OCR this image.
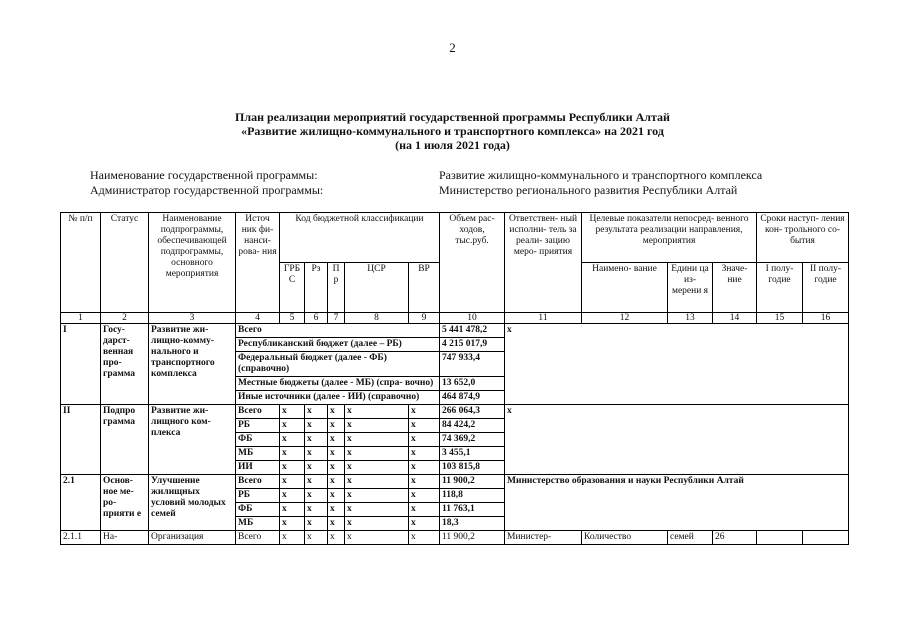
2
План реализации мероприятий государственной программы Республики Алтай
«Развитие жилищно-коммунального и транспортного комплекса» на 2021 год
(на 1 июля 2021 года)
Наименование государственной программы:	Развитие жилищно-коммунального и транспортного комплекса
Администратор государственной программы:	Министерство регионального развития Республики Алтай
№ п/п	Статус	Наименование подпрограммы, обеспечивающей подпрограммы, основного мероприятия	Источ ник фи- нанси- рова- ния	Код бюджетной классификации					Объем рас- ходов, тыс.руб.	Ответствен- ный исполни- тель за реали- зацию меро- приятия	Целевые показатели непосред- венного результата реализации направления, мероприятия			Сроки наступ- ления кон- трольного со- бытия	
				ГРБ С	Рз	П р	ЦСР	ВР			Наимено- вание	Едини ца из- мерени я	Значе- ние	I полу- годие	II полу- годие
1	2	3	4	5	6	7	8	9	10	11	12	13	14	15	16
I	Госу- дарст- венная про- грамма	Развитие жи- лищно-комму- нального и транспортного комплекса	Всего						5 441 478,2	x					
			Республиканский бюджет (далее – РБ)						4 215 017,9						
			Федеральный бюджет (далее - ФБ) (справочно)						747 933,4						
			Местные бюджеты (далее - МБ) (спра- вочно)						13 652,0						
			Иные источники (далее - ИИ) (справочно)						464 874,9						
II	Подпро грамма	Развитие жи- лищного ком- плекса	Всего	x	x	x	x	x	266 064,3	x					
			РБ	x	x	x	x	x	84 424,2						
			ФБ	x	x	x	x	x	74 369,2						
			МБ	x	x	x	x	x	3 455,1						
			ИИ	x	x	x	x	x	103 815,8						
2.1	Основ- ное ме- ро- прияти е	Улучшение жилищных условий молодых семей	Всего	x	x	x	x	x	11 900,2	Министерство образования и науки Республики Алтай					
			РБ	x	x	x	x	x	118,8						
			ФБ	x	x	x	x	x	11 763,1						
			МБ	x	x	x	x	x	18,3						
2.1.1	На-	Организация	Всего	x	x	x	x	x	11 900,2	Министер-	Количество	семей	26		
